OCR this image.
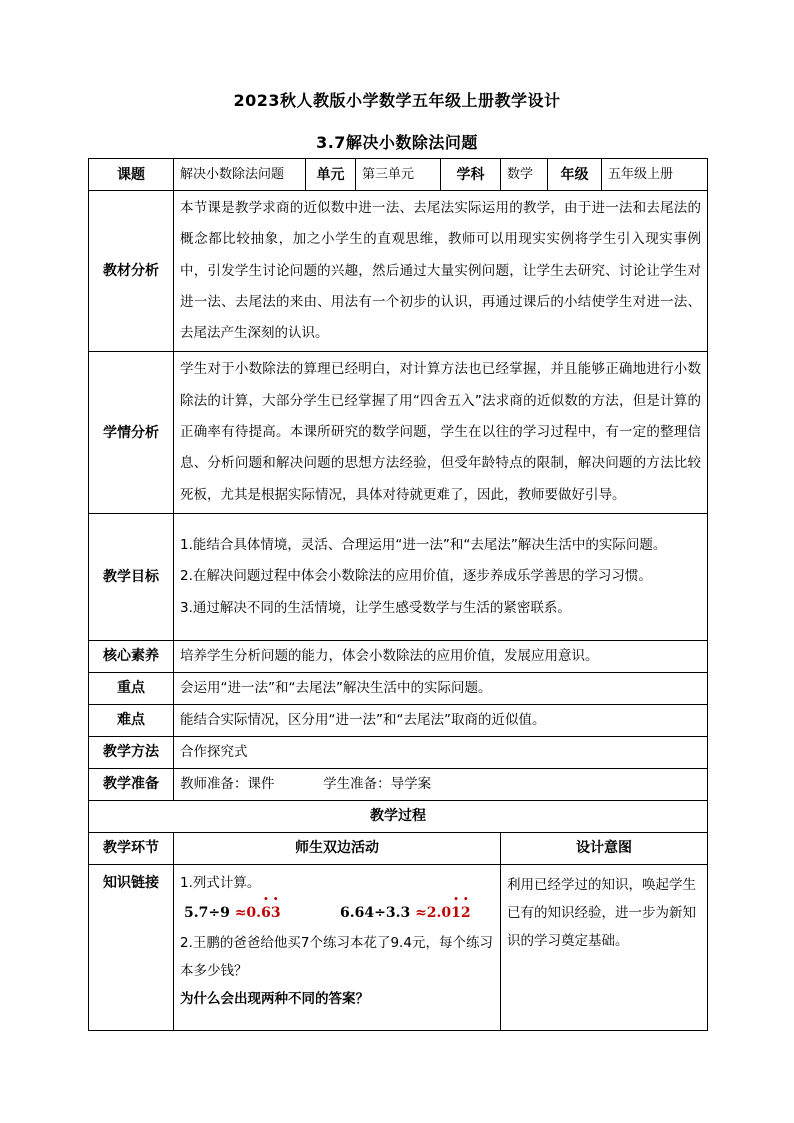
2023秋人教版小学数学五年级上册教学设计
3.7解决小数除法问题
课题	解决小数除法问题	单元	第三单元	学科	数学	年级	五年级上册
教材分析	本节课是教学求商的近似数中进一法、去尾法实际运用的教学，由于进一法和去尾法的概念都比较抽象，加之小学生的直观思维，教师可以用现实实例将学生引入现实事例中，引发学生讨论问题的兴趣，然后通过大量实例问题，让学生去研究、讨论让学生对进一法、去尾法的来由、用法有一个初步的认识，再通过课后的小结使学生对进一法、去尾法产生深刻的认识。						
学情分析	学生对于小数除法的算理已经明白，对计算方法也已经掌握，并且能够正确地进行小数除法的计算，大部分学生已经掌握了用“四舍五入”法求商的近似数的方法，但是计算的正确率有待提高。本课所研究的数学问题，学生在以往的学习过程中，有一定的整理信息、分析问题和解决问题的思想方法经验，但受年龄特点的限制，解决问题的方法比较死板，尤其是根据实际情况，具体对待就更难了，因此，教师要做好引导。						
教学目标	1.能结合具体情境，灵活、合理运用“进一法”和“去尾法”解决生活中的实际问题。

2.在解决问题过程中体会小数除法的应用价值，逐步养成乐学善思的学习习惯。

3.通过解决不同的生活情境，让学生感受数学与生活的紧密联系。						

核心素养	培养学生分析问题的能力，体会小数除法的应用价值，发展应用意识。						
重点	会运用“进一法”和“去尾法”解决生活中的实际问题。						
难点	能结合实际情况，区分用“进一法”和“去尾法”取商的近似值。						
教学方法	合作探究式						
教学准备	教师准备：课件 学生准备：导学案						
教学过程							
教学环节	师生双边活动				设计意图		
知识链接	1.列式计算。
5.7÷9 ≈0.· 6· 3 6.64÷3.3 ≈2.0· 1· 2
2.王鹏的爸爸给他买7个练习本花了9.4元，每个练习本多少钱？
为什么会出现两种不同的答案？				利用已经学过的知识，唤起学生已有的知识经验，进一步为新知识的学习奠定基础。		
